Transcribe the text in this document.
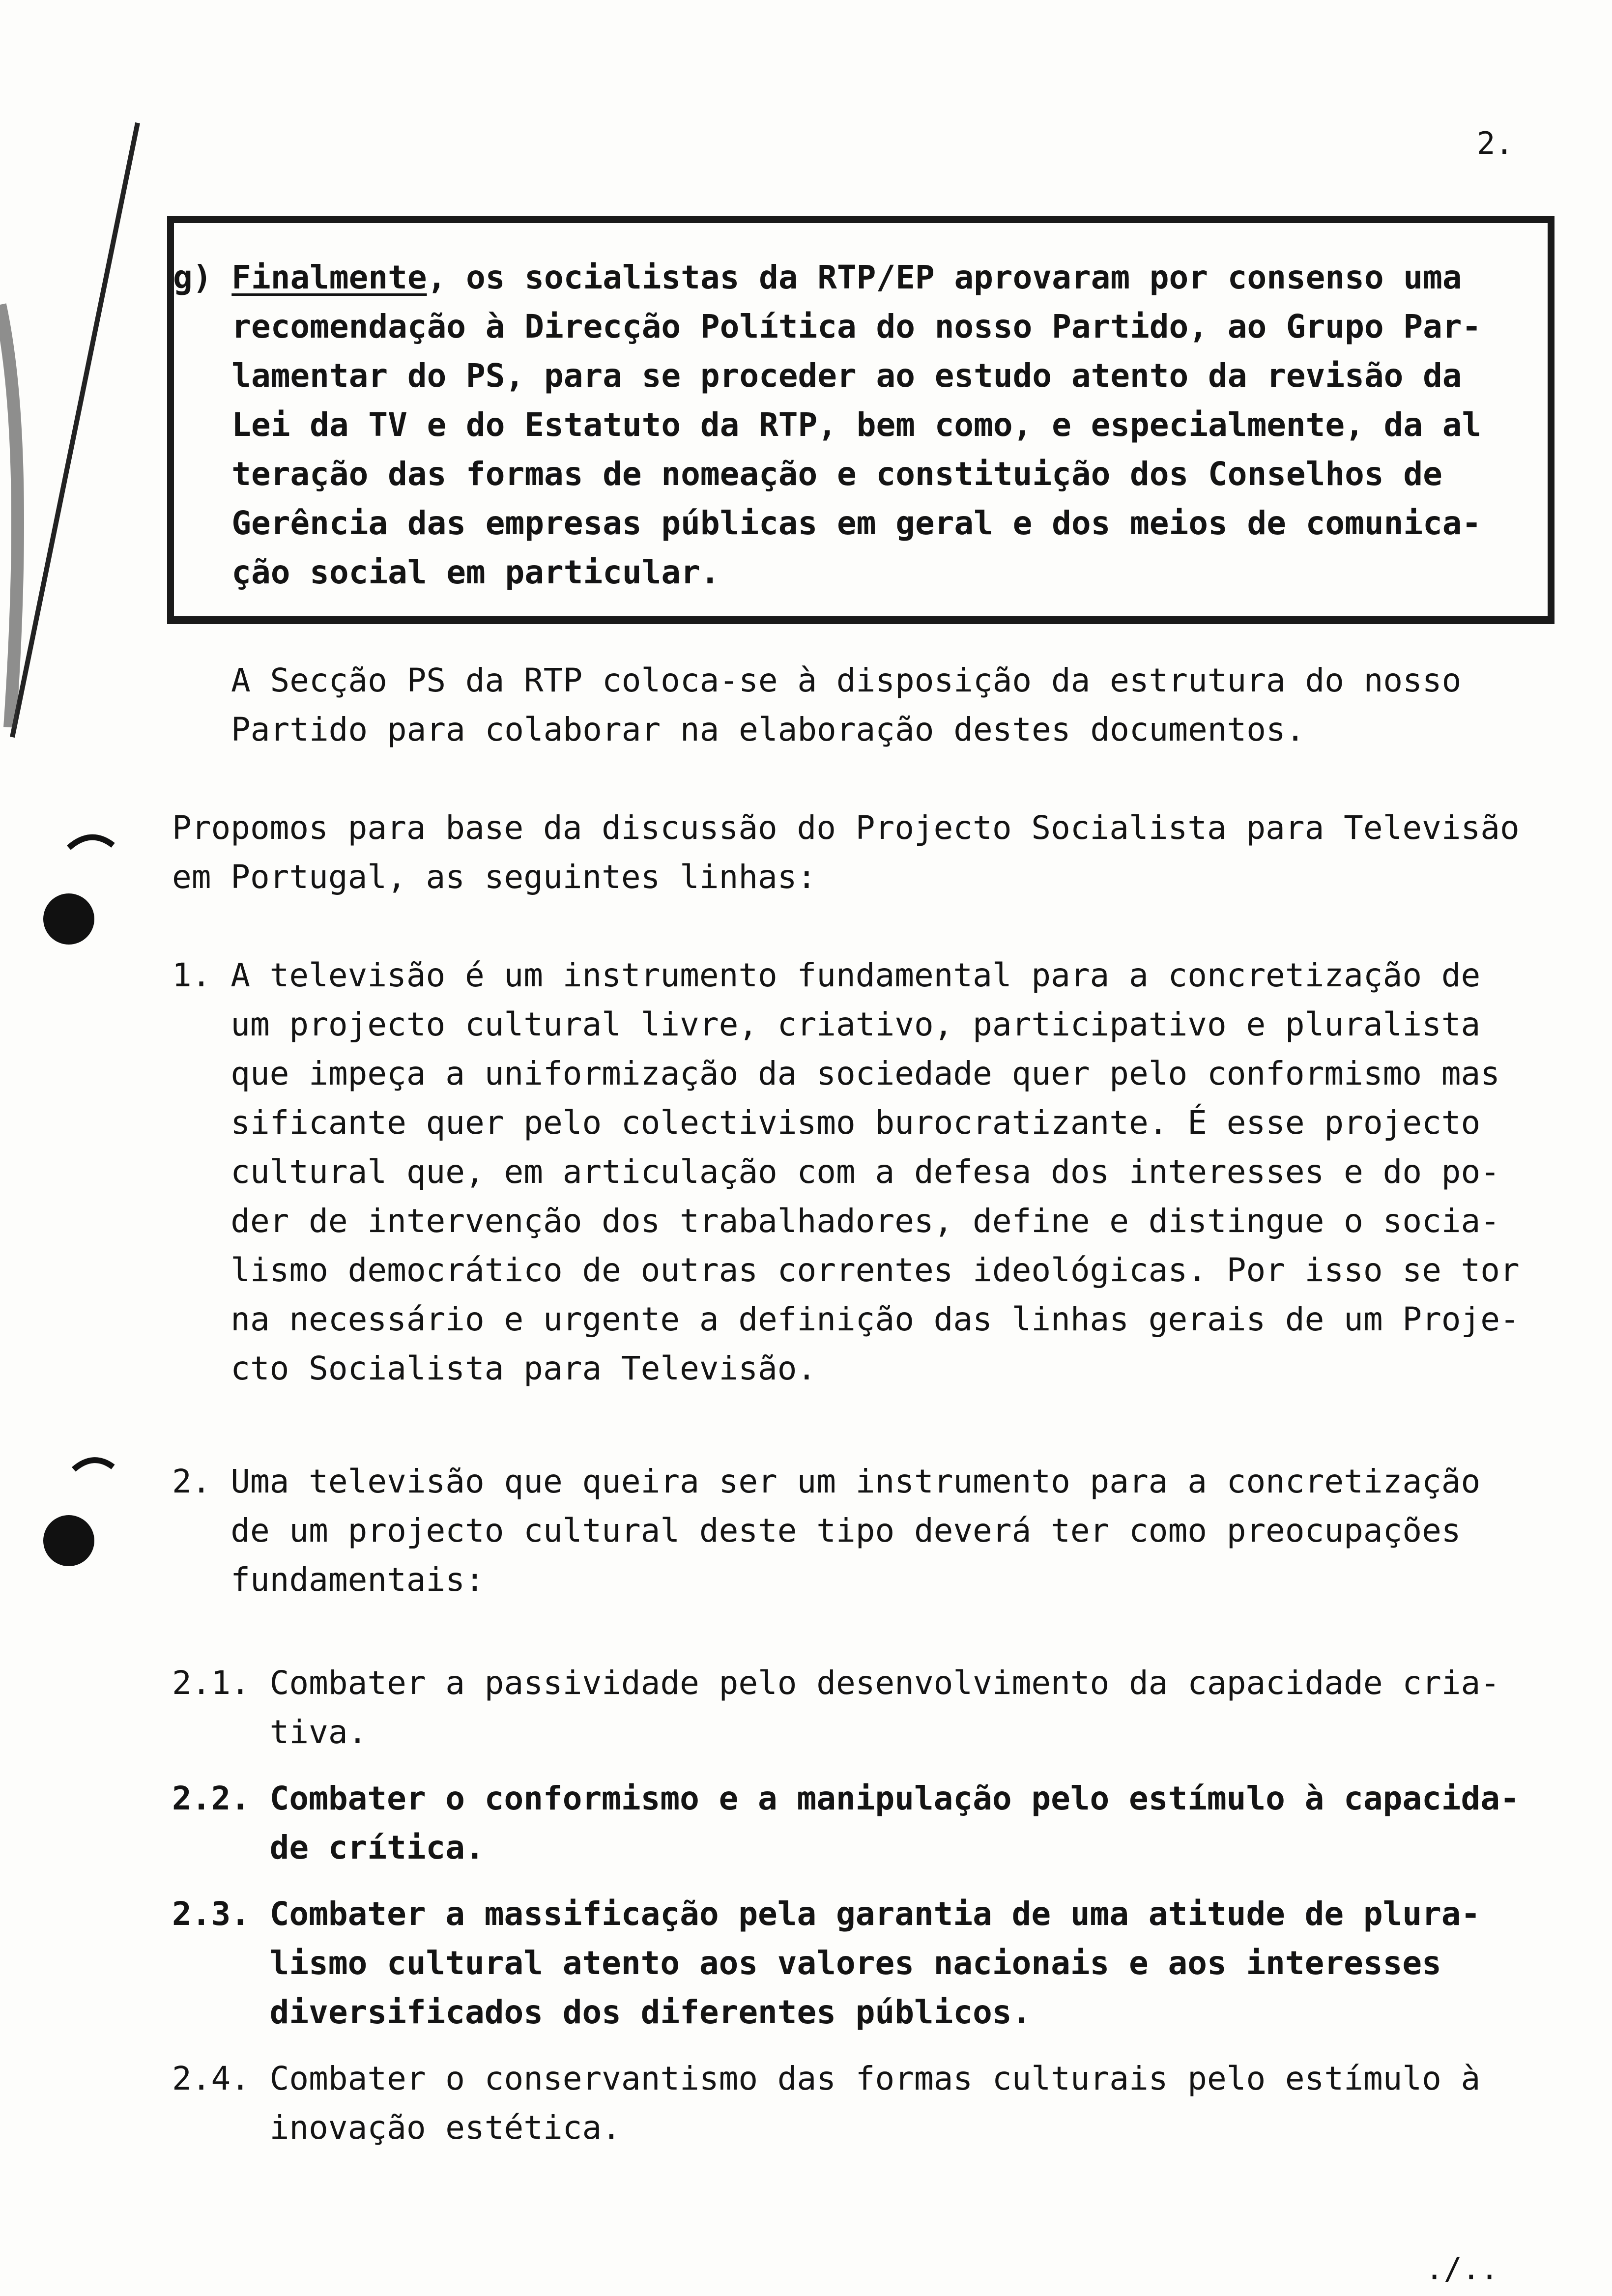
2.
g) Finalmente, os socialistas da RTP/EP aprovaram por consenso uma
recomendação à Direcção Política do nosso Partido, ao Grupo Par-
lamentar do PS, para se proceder ao estudo atento da revisão da
Lei da TV e do Estatuto da RTP, bem como, e especialmente, da al
teração das formas de nomeação e constituição dos Conselhos de
Gerência das empresas públicas em geral e dos meios de comunica-
ção social em particular.
A Secção PS da RTP coloca-se à disposição da estrutura do nosso
Partido para colaborar na elaboração destes documentos.
Propomos para base da discussão do Projecto Socialista para Televisão
em Portugal, as seguintes linhas:
1. A televisão é um instrumento fundamental para a concretização de
um projecto cultural livre, criativo, participativo e pluralista
que impeça a uniformização da sociedade quer pelo conformismo mas
sificante quer pelo colectivismo burocratizante. É esse projecto
cultural que, em articulação com a defesa dos interesses e do po-
der de intervenção dos trabalhadores, define e distingue o socia-
lismo democrático de outras correntes ideológicas. Por isso se tor
na necessário e urgente a definição das linhas gerais de um Proje-
cto Socialista para Televisão.
2. Uma televisão que queira ser um instrumento para a concretização
de um projecto cultural deste tipo deverá ter como preocupações
fundamentais:
2.1. Combater a passividade pelo desenvolvimento da capacidade cria-
tiva.
2.2. Combater o conformismo e a manipulação pelo estímulo à capacida-
de crítica.
2.3. Combater a massificação pela garantia de uma atitude de plura-
lismo cultural atento aos valores nacionais e aos interesses
diversificados dos diferentes públicos.
2.4. Combater o conservantismo das formas culturais pelo estímulo à
inovação estética.
./..
